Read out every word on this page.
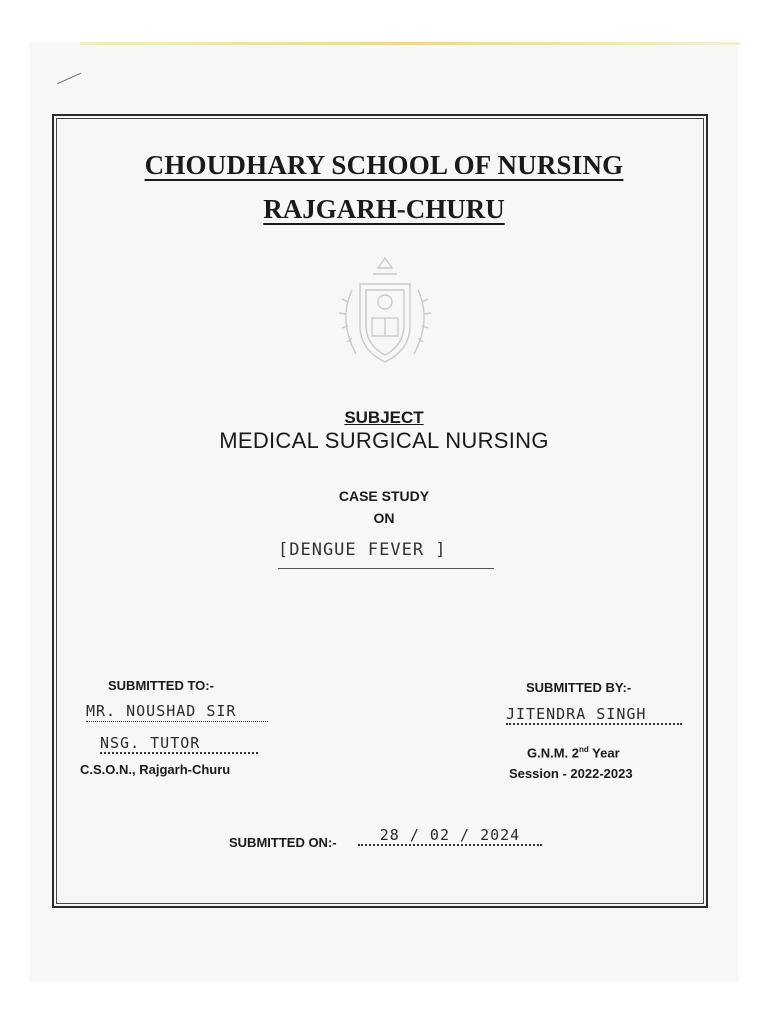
CHOUDHARY SCHOOL OF NURSING
RAJGARH-CHURU
SUBJECT
MEDICAL SURGICAL NURSING
CASE STUDY
ON
[DENGUE FEVER ]
SUBMITTED TO:-
MR. NOUSHAD SIR
NSG. TUTOR
C.S.O.N., Rajgarh-Churu
SUBMITTED BY:-
JITENDRA SINGH
G.N.M. 2nd Year
Session - 2022-2023
SUBMITTED ON:-	28 / 02 / 2024
